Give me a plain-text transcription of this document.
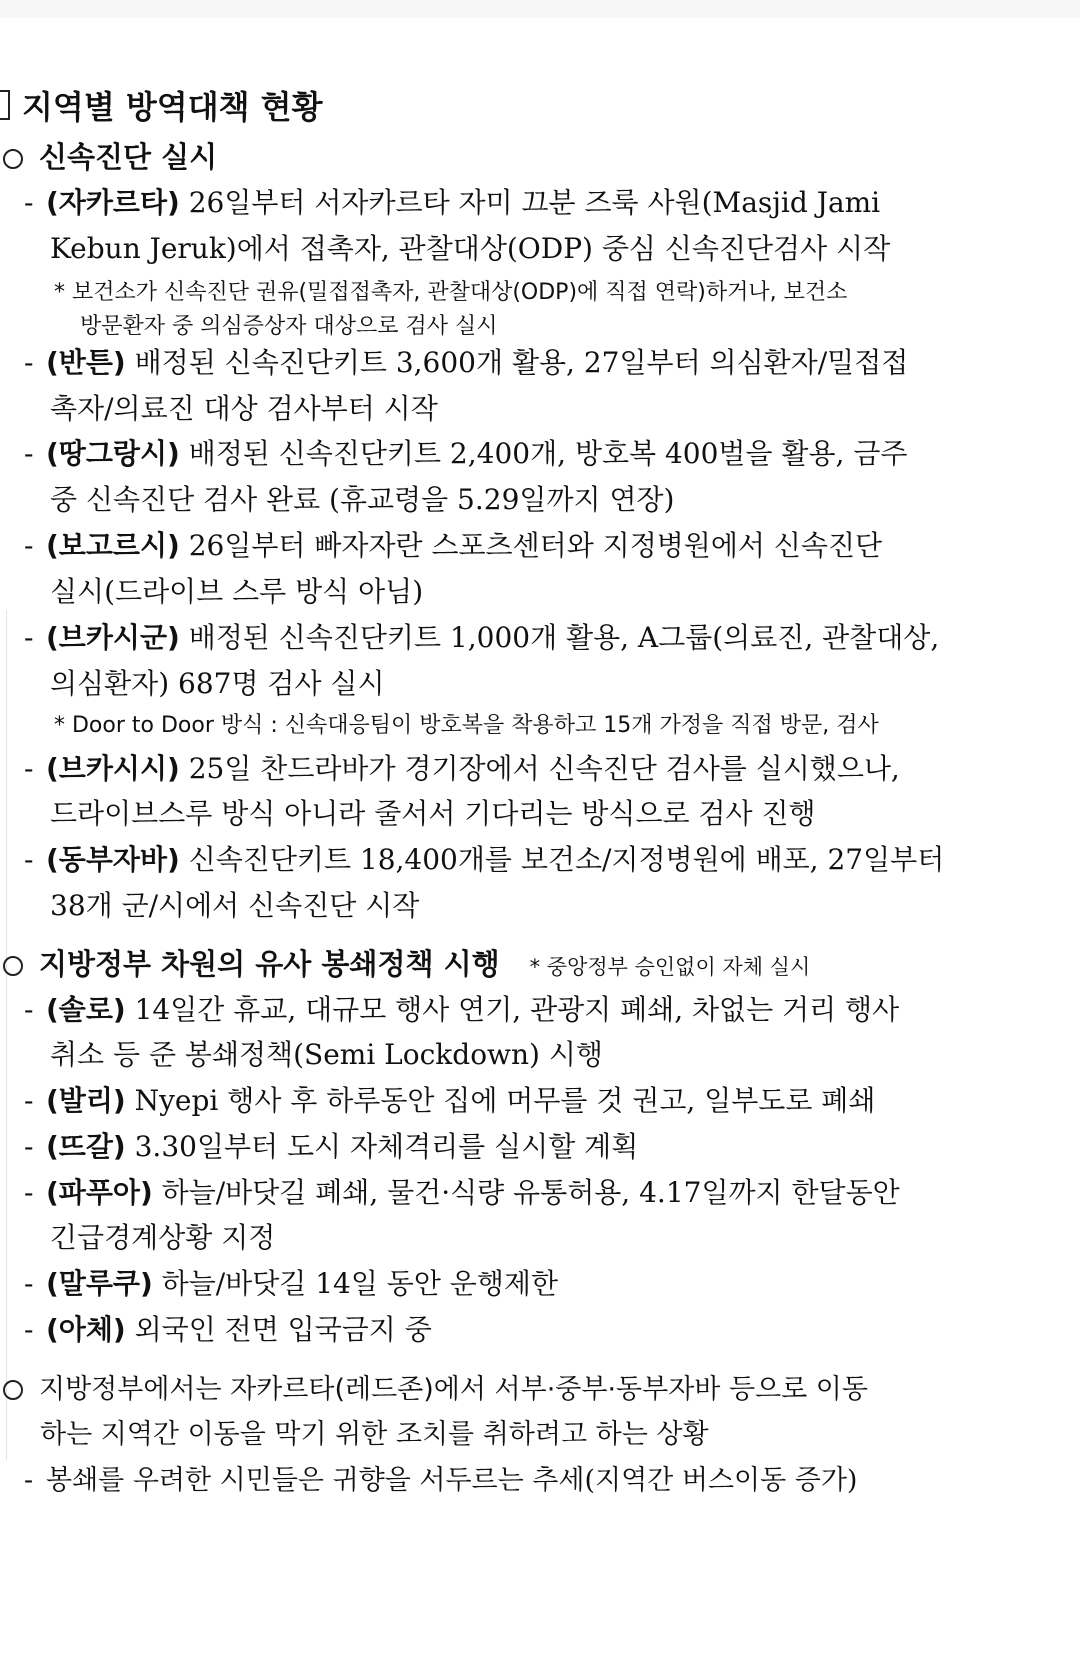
지역별 방역대책 현황
신속진단 실시
- (자카르타) 26일부터 서자카르타 자미 끄분 즈룩 사원(Masjid Jami
Kebun Jeruk)에서 접촉자, 관찰대상(ODP) 중심 신속진단검사 시작
* 보건소가 신속진단 권유(밀접접촉자, 관찰대상(ODP)에 직접 연락)하거나, 보건소
방문환자 중 의심증상자 대상으로 검사 실시
- (반튼) 배정된 신속진단키트 3,600개 활용, 27일부터 의심환자/밀접접
촉자/의료진 대상 검사부터 시작
- (땅그랑시) 배정된 신속진단키트 2,400개, 방호복 400벌을 활용, 금주
중 신속진단 검사 완료 (휴교령을 5.29일까지 연장)
- (보고르시) 26일부터 빠자자란 스포츠센터와 지정병원에서 신속진단
실시(드라이브 스루 방식 아님)
- (브카시군) 배정된 신속진단키트 1,000개 활용, A그룹(의료진, 관찰대상,
의심환자) 687명 검사 실시
* Door to Door 방식 : 신속대응팀이 방호복을 착용하고 15개 가정을 직접 방문, 검사
- (브카시시) 25일 찬드라바가 경기장에서 신속진단 검사를 실시했으나,
드라이브스루 방식 아니라 줄서서 기다리는 방식으로 검사 진행
- (동부자바) 신속진단키트 18,400개를 보건소/지정병원에 배포, 27일부터
38개 군/시에서 신속진단 시작
지방정부 차원의 유사 봉쇄정책 시행 * 중앙정부 승인없이 자체 실시
- (솔로) 14일간 휴교, 대규모 행사 연기, 관광지 폐쇄, 차없는 거리 행사
취소 등 준 봉쇄정책(Semi Lockdown) 시행
- (발리) Nyepi 행사 후 하루동안 집에 머무를 것 권고, 일부도로 폐쇄
- (뜨갈) 3.30일부터 도시 자체격리를 실시할 계획
- (파푸아) 하늘/바닷길 폐쇄, 물건·식량 유통허용, 4.17일까지 한달동안
긴급경계상황 지정
- (말루쿠) 하늘/바닷길 14일 동안 운행제한
- (아체) 외국인 전면 입국금지 중
지방정부에서는 자카르타(레드존)에서 서부·중부·동부자바 등으로 이동
하는 지역간 이동을 막기 위한 조치를 취하려고 하는 상황
- 봉쇄를 우려한 시민들은 귀향을 서두르는 추세(지역간 버스이동 증가)
